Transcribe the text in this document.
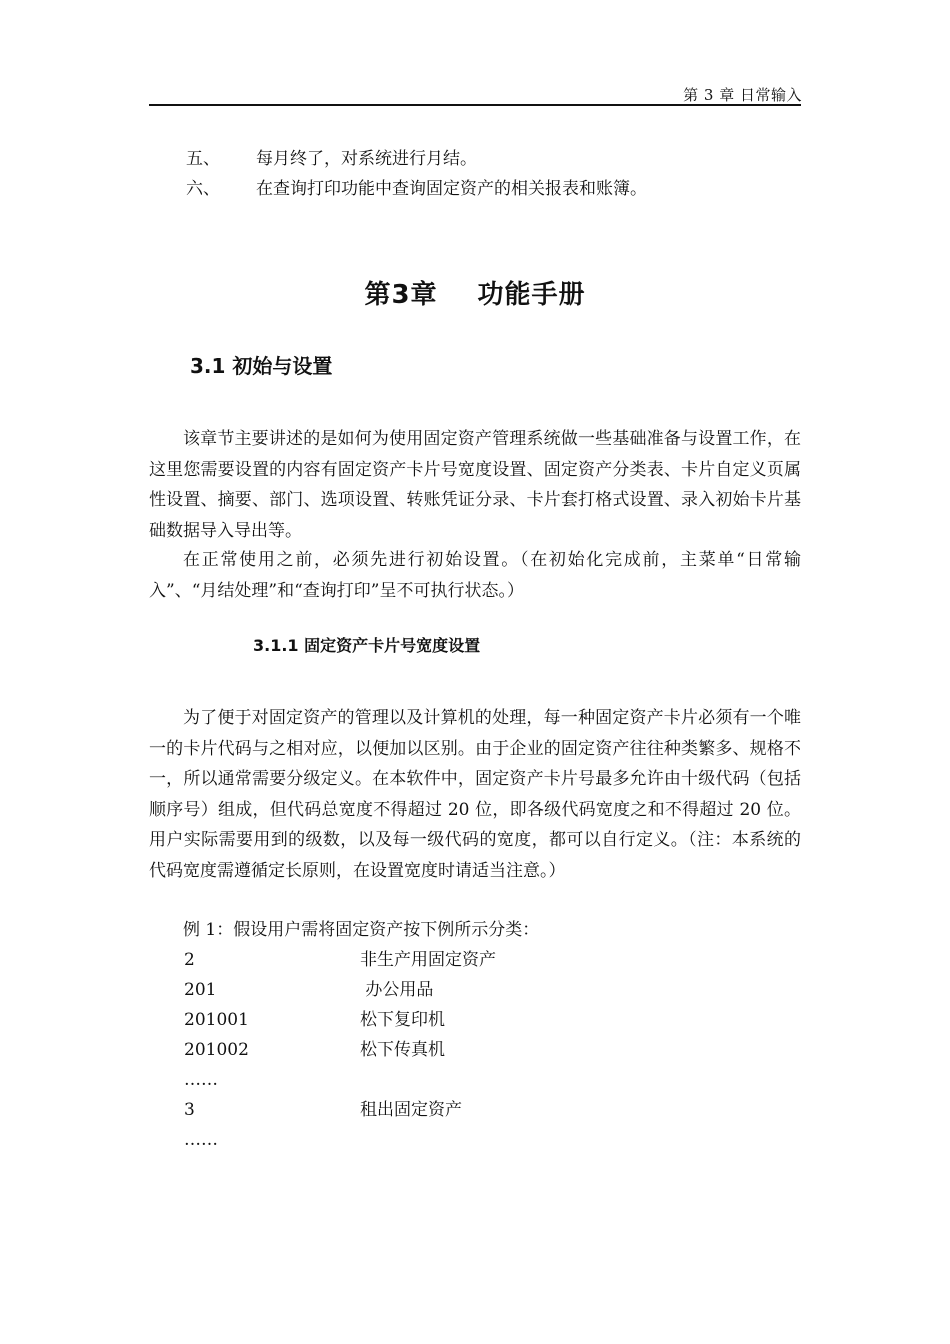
第 3 章 日常输入
五、 每月终了，对系统进行月结。
六、 在查询打印功能中查询固定资产的相关报表和账簿。
第3章 功能手册
3.1 初始与设置

该章节主要讲述的是如何为使用固定资产管理系统做一些基础准备与设置工作，在这里您需要设置的内容有固定资产卡片号宽度设置、固定资产分类表、卡片自定义页属性设置、摘要、部门、选项设置、转账凭证分录、卡片套打格式设置、录入初始卡片基础数据导入导出等。

在正常使用之前，必须先进行初始设置。（在初始化完成前，主菜单“日常输入”、“月结处理”和“查询打印”呈不可执行状态。）

3.1.1 固定资产卡片号宽度设置

为了便于对固定资产的管理以及计算机的处理，每一种固定资产卡片必须有一个唯一的卡片代码与之相对应，以便加以区别。由于企业的固定资产往往种类繁多、规格不一，所以通常需要分级定义。在本软件中，固定资产卡片号最多允许由十级代码（包括顺序号）组成，但代码总宽度不得超过 20 位，即各级代码宽度之和不得超过 20 位。用户实际需要用到的级数，以及每一级代码的宽度，都可以自行定义。（注：本系统的代码宽度需遵循定长原则，在设置宽度时请适当注意。）

例 1：假设用户需将固定资产按下例所示分类：

2	非生产用固定资产
201	办公用品
201001	松下复印机
201002	松下传真机
……
3	租出固定资产
……
